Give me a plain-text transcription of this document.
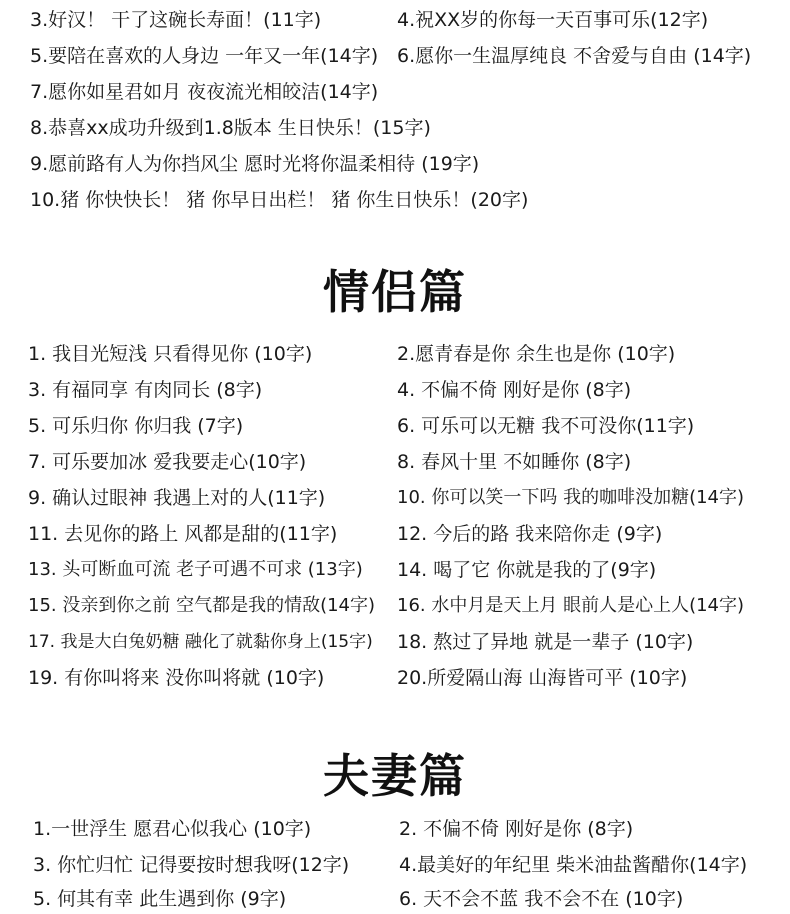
3.好汉！ 干了这碗长寿面！(11字)	4.祝XX岁的你每一天百事可乐(12字)
5.要陪在喜欢的人身边 一年又一年(14字) 6.愿你一生温厚纯良 不舍爱与自由 (14字)
7.愿你如星君如月 夜夜流光相皎洁(14字)
8.恭喜xx成功升级到1.8版本 生日快乐！(15字)
9.愿前路有人为你挡风尘 愿时光将你温柔相待 (19字)
10.猪 你快快长！ 猪 你早日出栏！ 猪 你生日快乐！(20字)
情侣篇
1. 我目光短浅 只看得见你 (10字)	2.愿青春是你 余生也是你 (10字)
3. 有福同享 有肉同长 (8字)	4. 不偏不倚 刚好是你 (8字)
5. 可乐归你 你归我 (7字)	6. 可乐可以无糖 我不可没你(11字)
7. 可乐要加冰 爱我要走心(10字)	8. 春风十里 不如睡你 (8字)
9. 确认过眼神 我遇上对的人(11字)	10. 你可以笑一下吗 我的咖啡没加糖(14字)
11. 去见你的路上 风都是甜的(11字)	12. 今后的路 我来陪你走 (9字)
13. 头可断血可流 老子可遇不可求 (13字) 14. 喝了它 你就是我的了(9字)
15. 没亲到你之前 空气都是我的情敌(14字) 16. 水中月是天上月 眼前人是心上人(14字)
17. 我是大白兔奶糖 融化了就黏你身上(15字) 18. 熬过了异地 就是一辈子 (10字)
19. 有你叫将来 没你叫将就 (10字)	20.所爱隔山海 山海皆可平 (10字)
夫妻篇
1.一世浮生 愿君心似我心 (10字)	2. 不偏不倚 刚好是你 (8字)
3. 你忙归忙 记得要按时想我呀(12字)	4.最美好的年纪里 柴米油盐酱醋你(14字)
5. 何其有幸 此生遇到你 (9字)	6. 天不会不蓝 我不会不在 (10字)
